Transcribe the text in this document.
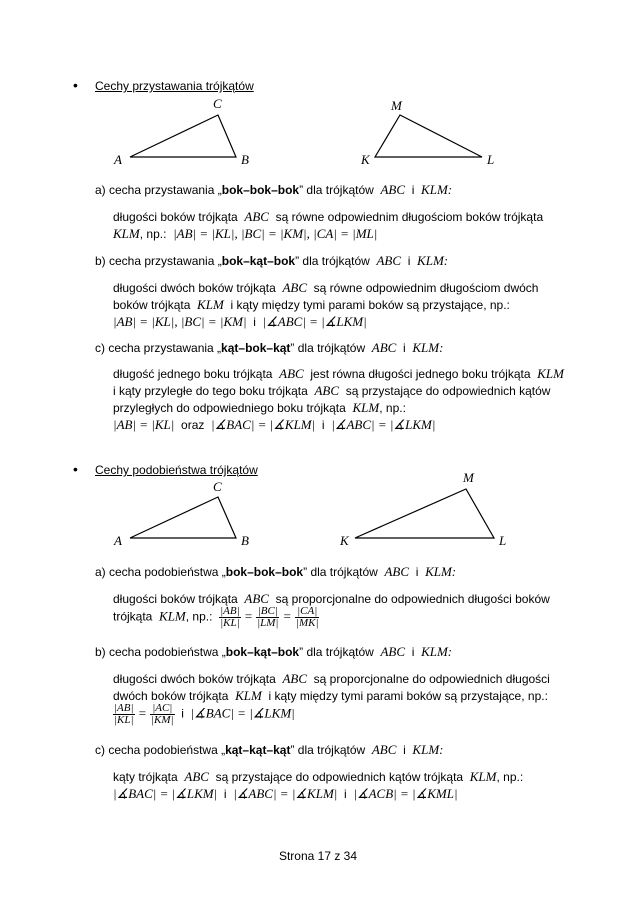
• Cechy przystawania trójkątów
A	B
C
K	L
M
a) cecha przystawania „bok–bok–bok” dla trójkątów ABC i KLM:
długości boków trójkąta ABC są równe odpowiednim długościom boków trójkąta
KLM, np.: |AB| = |KL|, |BC| = |KM|, |CA| = |ML|
b) cecha przystawania „bok–kąt–bok” dla trójkątów ABC i KLM:
długości dwóch boków trójkąta ABC są równe odpowiednim długościom dwóch
boków trójkąta KLM i kąty między tymi parami boków są przystające, np.:
|AB| = |KL|, |BC| = |KM| i |∡ABC| = |∡LKM|
c) cecha przystawania „kąt–bok–kąt” dla trójkątów ABC i KLM:
długość jednego boku trójkąta ABC jest równa długości jednego boku trójkąta KLM
i kąty przyległe do tego boku trójkąta ABC są przystające do odpowiednich kątów
przyległych do odpowiedniego boku trójkąta KLM, np.:
|AB| = |KL| oraz |∡BAC| = |∡KLM| i |∡ABC| = |∡LKM|
• Cechy podobieństwa trójkątów
A	B
C
K	L
M
a) cecha podobieństwa „bok–bok–bok” dla trójkątów ABC i KLM:
długości boków trójkąta ABC są proporcjonalne do odpowiednich długości boków
trójkąta KLM, np.: $\frac{|AB|}{|KL|} = \frac{|BC|}{|LM|} = \frac{|CA|}{|MK|}$
b) cecha podobieństwa „bok–kąt–bok” dla trójkątów ABC i KLM:
długości dwóch boków trójkąta ABC są proporcjonalne do odpowiednich długości
dwóch boków trójkąta KLM i kąty między tymi parami boków są przystające, np.:
$\frac{|AB|}{|KL|} = \frac{|AC|}{|KM|}$ i |∡BAC| = |∡LKM|
c) cecha podobieństwa „kąt–kąt–kąt” dla trójkątów ABC i KLM:
kąty trójkąta ABC są przystające do odpowiednich kątów trójkąta KLM, np.:
|∡BAC| = |∡LKM| i |∡ABC| = |∡KLM| i |∡ACB| = |∡KML|
Strona 17 z 34
